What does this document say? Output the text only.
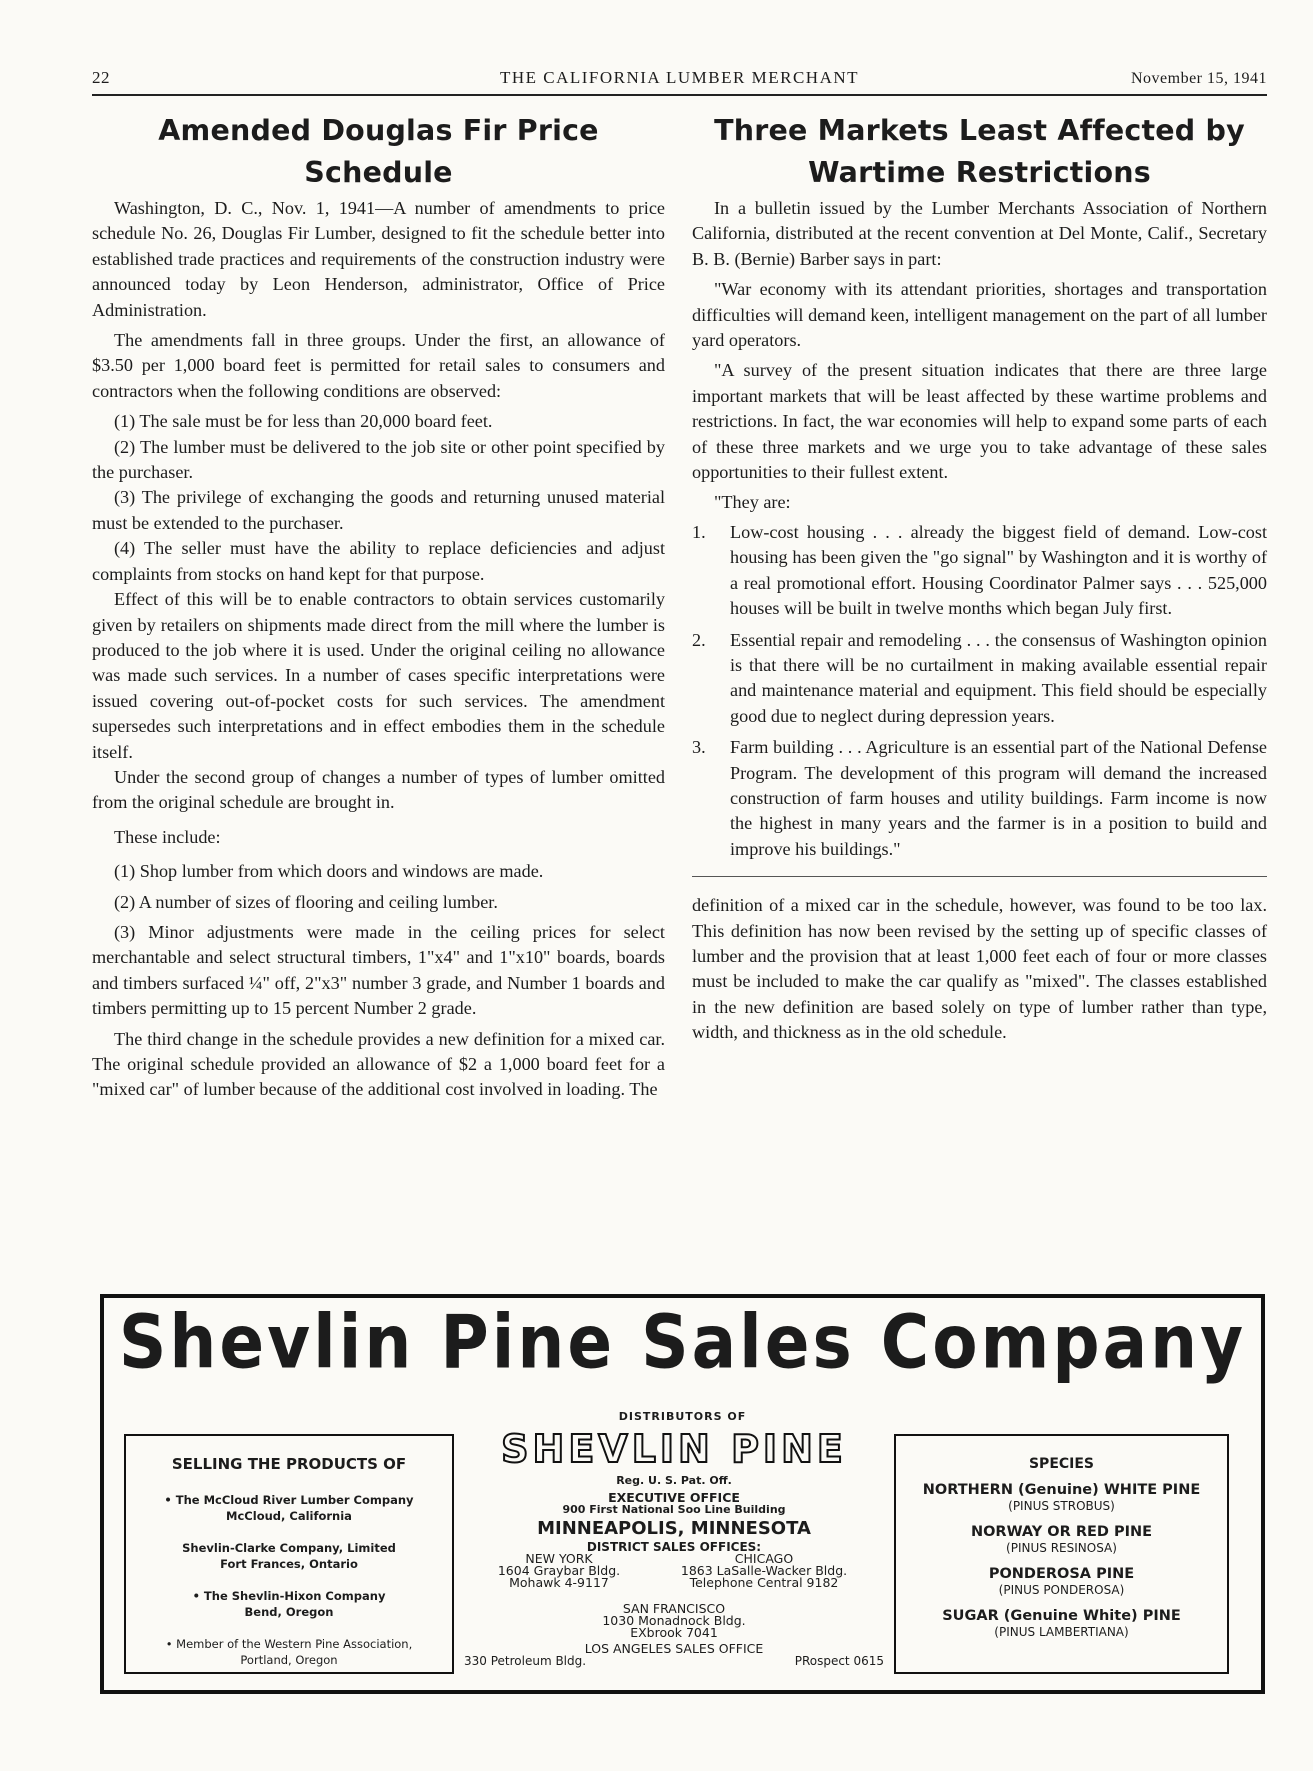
22	THE CALIFORNIA LUMBER MERCHANT	November 15, 1941
Amended Douglas Fir Price Schedule

Washington, D. C., Nov. 1, 1941—A number of amendments to price schedule No. 26, Douglas Fir Lumber, designed to fit the schedule better into established trade practices and requirements of the construction industry were announced today by Leon Henderson, administrator, Office of Price Administration.

The amendments fall in three groups. Under the first, an allowance of $3.50 per 1,000 board feet is permitted for retail sales to consumers and contractors when the following conditions are observed:

(1) The sale must be for less than 20,000 board feet.

(2) The lumber must be delivered to the job site or other point specified by the purchaser.

(3) The privilege of exchanging the goods and returning unused material must be extended to the purchaser.

(4) The seller must have the ability to replace deficiencies and adjust complaints from stocks on hand kept for that purpose.

Effect of this will be to enable contractors to obtain services customarily given by retailers on shipments made direct from the mill where the lumber is produced to the job where it is used. Under the original ceiling no allowance was made such services. In a number of cases specific interpretations were issued covering out-of-pocket costs for such services. The amendment supersedes such interpretations and in effect embodies them in the schedule itself.

Under the second group of changes a number of types of lumber omitted from the original schedule are brought in.

These include:

(1) Shop lumber from which doors and windows are made.

(2) A number of sizes of flooring and ceiling lumber.

(3) Minor adjustments were made in the ceiling prices for select merchantable and select structural timbers, 1"x4" and 1"x10" boards, boards and timbers surfaced ¼" off, 2"x3" number 3 grade, and Number 1 boards and timbers permitting up to 15 percent Number 2 grade.

The third change in the schedule provides a new definition for a mixed car. The original schedule provided an allowance of $2 a 1,000 board feet for a "mixed car" of lumber because of the additional cost involved in loading. The

Three Markets Least Affected by
Wartime Restrictions

In a bulletin issued by the Lumber Merchants Association of Northern California, distributed at the recent convention at Del Monte, Calif., Secretary B. B. (Bernie) Barber says in part:

"War economy with its attendant priorities, shortages and transportation difficulties will demand keen, intelligent management on the part of all lumber yard operators.

"A survey of the present situation indicates that there are three large important markets that will be least affected by these wartime problems and restrictions. In fact, the war economies will help to expand some parts of each of these three markets and we urge you to take advantage of these sales opportunities to their fullest extent.

"They are:

1. Low-cost housing . . . already the biggest field of demand. Low-cost housing has been given the "go signal" by Washington and it is worthy of a real promotional effort. Housing Coordinator Palmer says . . . 525,000 houses will be built in twelve months which began July first.
2. Essential repair and remodeling . . . the consensus of Washington opinion is that there will be no curtailment in making available essential repair and maintenance material and equipment. This field should be especially good due to neglect during depression years.
3. Farm building . . . Agriculture is an essential part of the National Defense Program. The development of this program will demand the increased construction of farm houses and utility buildings. Farm income is now the highest in many years and the farmer is in a position to build and improve his buildings."

definition of a mixed car in the schedule, however, was found to be too lax. This definition has now been revised by the setting up of specific classes of lumber and the provision that at least 1,000 feet each of four or more classes must be included to make the car qualify as "mixed". The classes established in the new definition are based solely on type of lumber rather than type, width, and thickness as in the old schedule.

Shevlin Pine Sales Company
DISTRIBUTORS OF
SELLING THE PRODUCTS OF
• The McCloud River Lumber Company
McCloud, California
Shevlin-Clarke Company, Limited
Fort Frances, Ontario
• The Shevlin-Hixon Company
Bend, Oregon
• Member of the Western Pine Association,
Portland, Oregon
SHEVLIN PINE
Reg. U. S. Pat. Off.
EXECUTIVE OFFICE
900 First National Soo Line Building
MINNEAPOLIS, MINNESOTA
DISTRICT SALES OFFICES:
NEW YORK
1604 Graybar Bldg.
Mohawk 4-9117
CHICAGO
1863 LaSalle-Wacker Bldg.
Telephone Central 9182
SAN FRANCISCO
1030 Monadnock Bldg.
EXbrook 7041
LOS ANGELES SALES OFFICE
330 Petroleum Bldg.	PRospect 0615
SPECIES
NORTHERN (Genuine) WHITE PINE
(PINUS STROBUS)
NORWAY OR RED PINE
(PINUS RESINOSA)
PONDEROSA PINE
(PINUS PONDEROSA)
SUGAR (Genuine White) PINE
(PINUS LAMBERTIANA)
